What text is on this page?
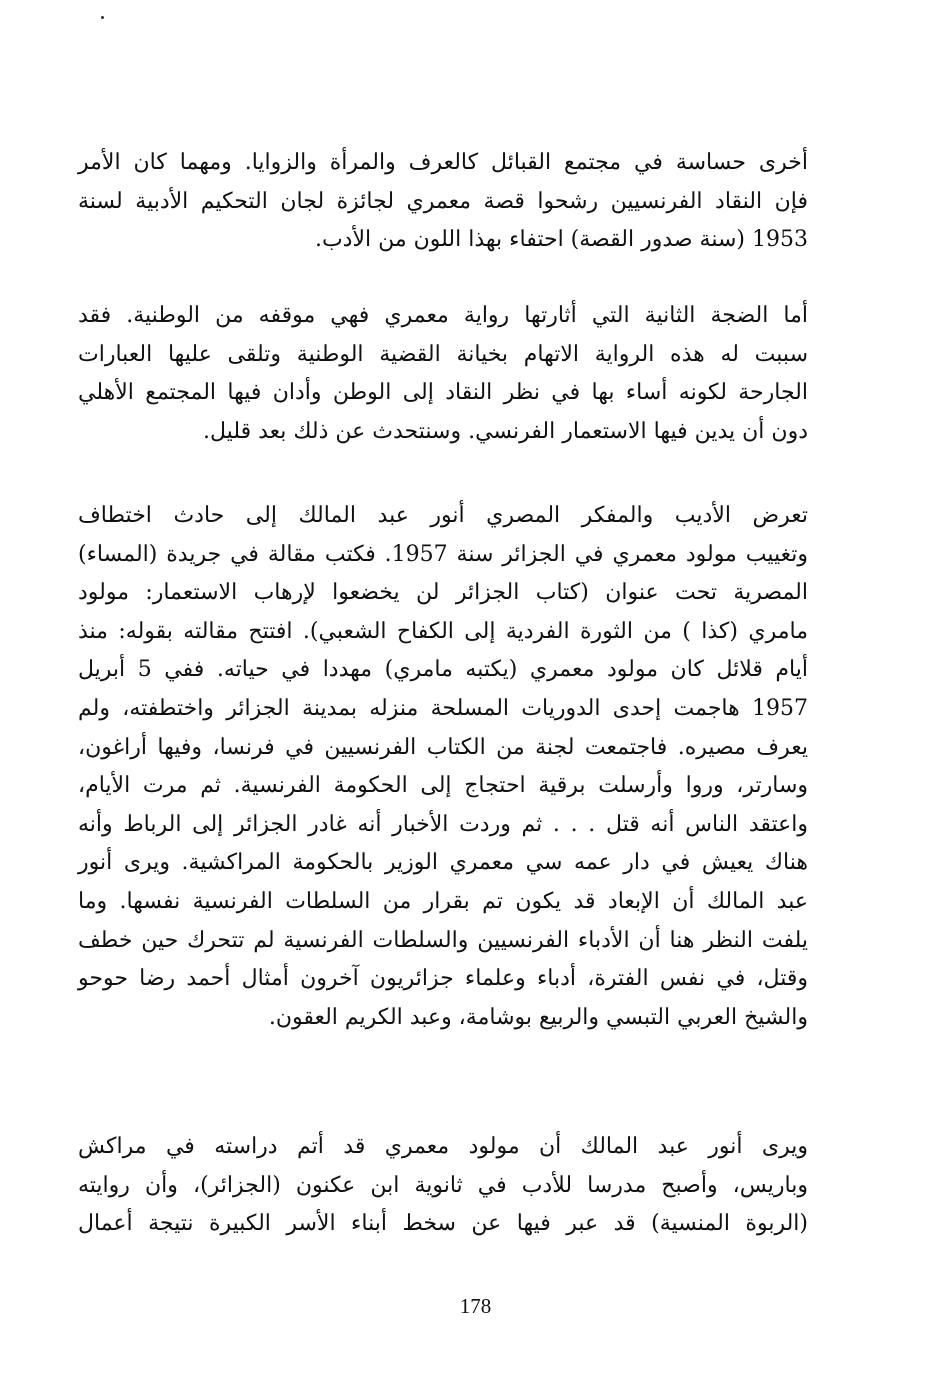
أخرى حساسة في مجتمع القبائل كالعرف والمرأة والزوايا. ومهما كان الأمر
فإن النقاد الفرنسيين رشحوا قصة معمري لجائزة لجان التحكيم الأدبية لسنة
1953 (سنة صدور القصة) احتفاء بهذا اللون من الأدب.
أما الضجة الثانية التي أثارتها رواية معمري فهي موقفه من الوطنية. فقد
سببت له هذه الرواية الاتهام بخيانة القضية الوطنية وتلقى عليها العبارات
الجارحة لكونه أساء بها في نظر النقاد إلى الوطن وأدان فيها المجتمع الأهلي
دون أن يدين فيها الاستعمار الفرنسي. وسنتحدث عن ذلك بعد قليل.
تعرض الأديب والمفكر المصري أنور عبد المالك إلى حادث اختطاف
وتغييب مولود معمري في الجزائر سنة 1957. فكتب مقالة في جريدة (المساء)
المصرية تحت عنوان (كتاب الجزائر لن يخضعوا لإرهاب الاستعمار: مولود
مامري (كذا ) من الثورة الفردية إلى الكفاح الشعبي). افتتح مقالته بقوله: منذ
أيام قلائل كان مولود معمري (يكتبه مامري) مهددا في حياته. ففي 5 أبريل
1957 هاجمت إحدى الدوريات المسلحة منزله بمدينة الجزائر واختطفته، ولم
يعرف مصيره. فاجتمعت لجنة من الكتاب الفرنسيين في فرنسا، وفيها أراغون،
وسارتر، وروا وأرسلت برقية احتجاج إلى الحكومة الفرنسية. ثم مرت الأيام،
واعتقد الناس أنه قتل . . . ثم وردت الأخبار أنه غادر الجزائر إلى الرباط وأنه
هناك يعيش في دار عمه سي معمري الوزير بالحكومة المراكشية. ويرى أنور
عبد المالك أن الإبعاد قد يكون تم بقرار من السلطات الفرنسية نفسها. وما
يلفت النظر هنا أن الأدباء الفرنسيين والسلطات الفرنسية لم تتحرك حين خطف
وقتل، في نفس الفترة، أدباء وعلماء جزائريون آخرون أمثال أحمد رضا حوحو
والشيخ العربي التبسي والربيع بوشامة، وعبد الكريم العقون.
ويرى أنور عبد المالك أن مولود معمري قد أتم دراسته في مراكش
وباريس، وأصبح مدرسا للأدب في ثانوية ابن عكنون (الجزائر)، وأن روايته
(الربوة المنسية) قد عبر فيها عن سخط أبناء الأسر الكبيرة نتيجة أعمال
178
